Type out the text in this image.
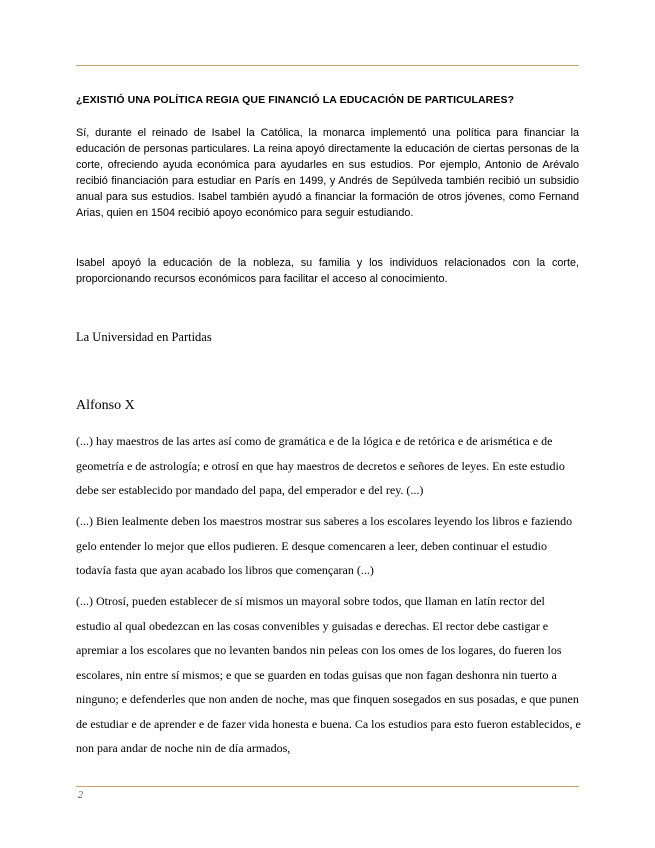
¿EXISTIÓ UNA POLÍTICA REGIA QUE FINANCIÓ LA EDUCACIÓN DE PARTICULARES?
Sí, durante el reinado de Isabel la Católica, la monarca implementó una política para financiar la educación de personas particulares. La reina apoyó directamente la educación de ciertas personas de la corte, ofreciendo ayuda económica para ayudarles en sus estudios. Por ejemplo, Antonio de Arévalo recibió financiación para estudiar en París en 1499, y Andrés de Sepúlveda también recibió un subsidio anual para sus estudios. Isabel también ayudó a financiar la formación de otros jóvenes, como Fernand Arias, quien en 1504 recibió apoyo económico para seguir estudiando.
Isabel apoyó la educación de la nobleza, su familia y los individuos relacionados con la corte, proporcionando recursos económicos para facilitar el acceso al conocimiento.
La Universidad en Partidas
Alfonso X
(...) hay maestros de las artes así como de gramática e de la lógica e de retórica e de arismética e de geometría e de astrología; e otrosí en que hay maestros de decretos e señores de leyes. En este estudio debe ser establecido por mandado del papa, del emperador e del rey. (...)
(...) Bien lealmente deben los maestros mostrar sus saberes a los escolares leyendo los libros e faziendo gelo entender lo mejor que ellos pudieren. E desque comencaren a leer, deben continuar el estudio todavía fasta que ayan acabado los libros que començaran (...)
(...) Otrosí, pueden establecer de sí mismos un mayoral sobre todos, que llaman en latín rector del estudio al qual obedezcan en las cosas convenibles y guisadas e derechas. El rector debe castigar e apremiar a los escolares que no levanten bandos nin peleas con los omes de los logares, do fueren los escolares, nin entre sí mismos; e que se guarden en todas guisas que non fagan deshonra nin tuerto a ninguno; e defenderles que non anden de noche, mas que finquen sosegados en sus posadas, e que punen de estudiar e de aprender e de fazer vida honesta e buena. Ca los estudios para esto fueron establecidos, e non para andar de noche nin de día armados,
2
